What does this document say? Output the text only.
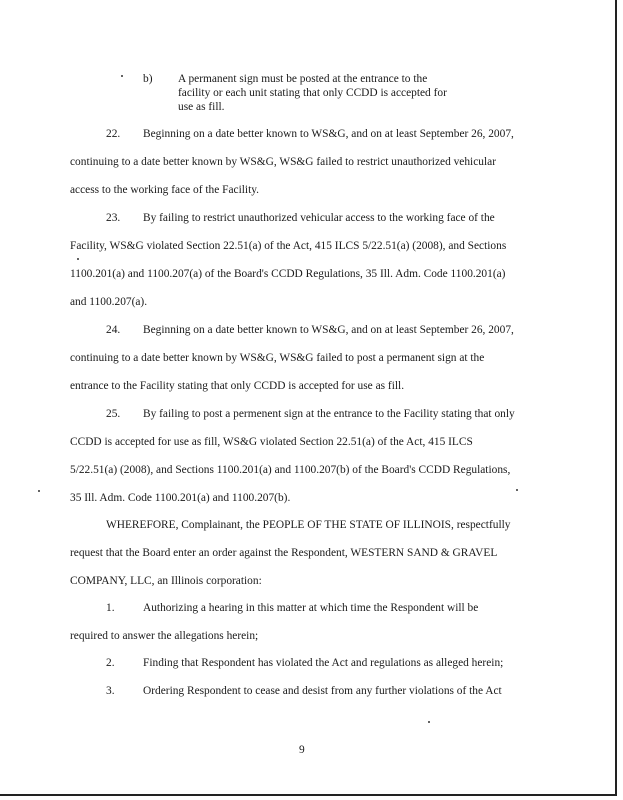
b) A permanent sign must be posted at the entrance to the
facility or each unit stating that only CCDD is accepted for
use as fill.
22. Beginning on a date better known to WS&G, and on at least September 26, 2007,
continuing to a date better known by WS&G, WS&G failed to restrict unauthorized vehicular
access to the working face of the Facility.
23. By failing to restrict unauthorized vehicular access to the working face of the
Facility, WS&G violated Section 22.51(a) of the Act, 415 ILCS 5/22.51(a) (2008), and Sections
1100.201(a) and 1100.207(a) of the Board's CCDD Regulations, 35 Ill. Adm. Code 1100.201(a)
and 1100.207(a).
24. Beginning on a date better known to WS&G, and on at least September 26, 2007,
continuing to a date better known by WS&G, WS&G failed to post a permanent sign at the
entrance to the Facility stating that only CCDD is accepted for use as fill.
25. By failing to post a permenent sign at the entrance to the Facility stating that only
CCDD is accepted for use as fill, WS&G violated Section 22.51(a) of the Act, 415 ILCS
5/22.51(a) (2008), and Sections 1100.201(a) and 1100.207(b) of the Board's CCDD Regulations,
35 Ill. Adm. Code 1100.201(a) and 1100.207(b).
WHEREFORE, Complainant, the PEOPLE OF THE STATE OF ILLINOIS, respectfully
request that the Board enter an order against the Respondent, WESTERN SAND & GRAVEL
COMPANY, LLC, an Illinois corporation:
1. Authorizing a hearing in this matter at which time the Respondent will be
required to answer the allegations herein;
2. Finding that Respondent has violated the Act and regulations as alleged herein;
3. Ordering Respondent to cease and desist from any further violations of the Act
9
